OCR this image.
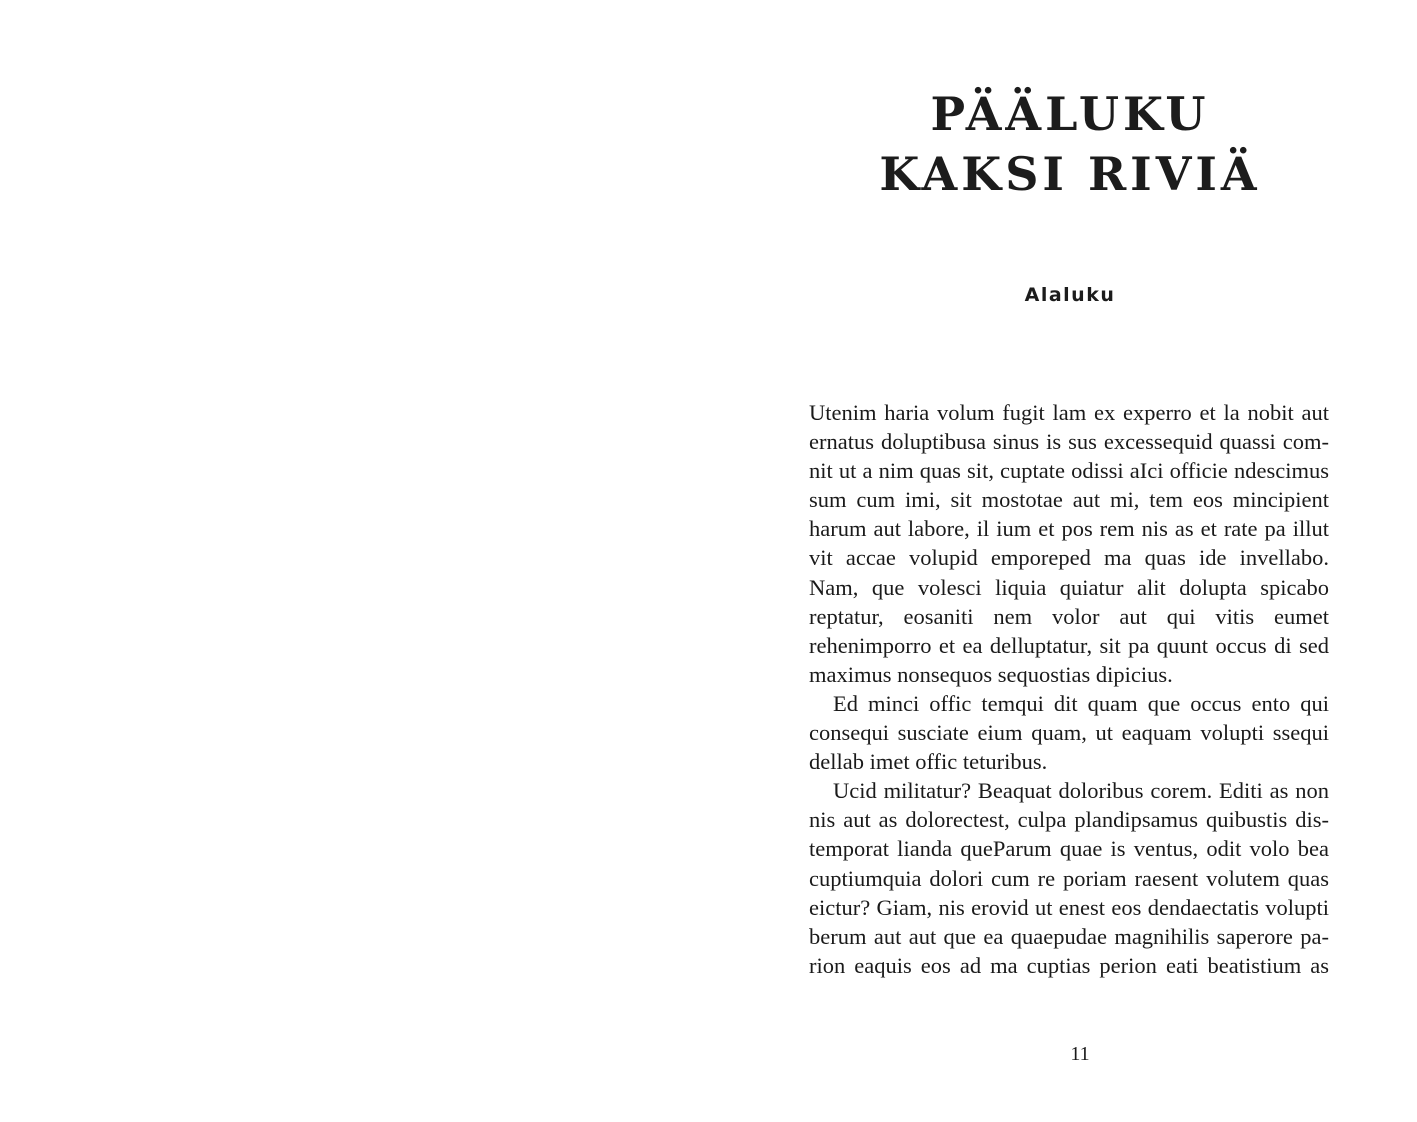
PÄÄLUKU
KAKSI RIVIÄ
Alaluku

Utenim haria volum fugit lam ex experro et la nobit aut ernatus doluptibusa sinus is sus excessequid quassi comnit ut a nim quas sit, cuptate odissi aIci officie ndescimus sum cum imi, sit mostotae aut mi, tem eos mincipient harum aut labore, il ium et pos rem nis as et rate pa illut vit accae volupid emporeped ma quas ide invellabo. Nam, que volesci liquia quiatur alit dolupta spicabo reptatur, eosaniti nem volor aut qui vitis eumet rehenimporro et ea delluptatur, sit pa quunt occus di sed maximus nonsequos sequostias dipicius.

Ed minci offic temqui dit quam que occus ento qui consequi susciate eium quam, ut eaquam volupti ssequi dellab imet offic teturibus.

Ucid militatur? Beaquat doloribus corem. Editi as non nis aut as dolorectest, culpa plandipsamus quibustis distemporat lianda queParum quae is ventus, odit volo bea cuptiumquia dolori cum re poriam raesent volutem quas eictur? Giam, nis erovid ut enest eos dendaectatis volupti berum aut aut que ea quaepudae magnihilis saperore parion eaquis eos ad ma cuptias perion eati beatistium as

11
